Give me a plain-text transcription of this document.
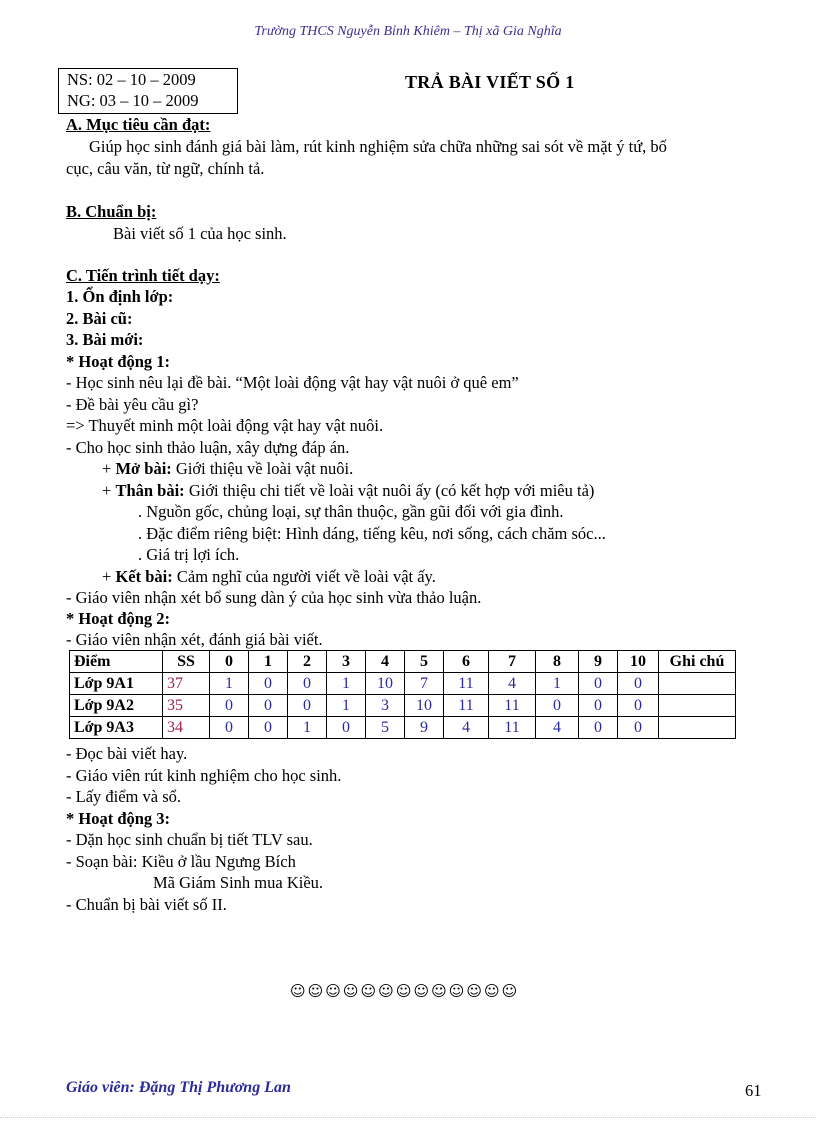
Trường THCS Nguyễn Bỉnh Khiêm – Thị xã Gia Nghĩa
NS: 02 – 10 – 2009
NG: 03 – 10 – 2009
TRẢ BÀI VIẾT SỐ 1
A. Mục tiêu cần đạt:
Giúp học sinh đánh giá bài làm, rút kinh nghiệm sửa chữa những sai sót về mặt ý tứ, bố
cục, câu văn, từ ngữ, chính tả.
B. Chuẩn bị:
Bài viết số 1 của học sinh.
C. Tiến trình tiết dạy:
1. Ổn định lớp:
2. Bài cũ:
3. Bài mới:
* Hoạt động 1:
- Học sinh nêu lại đề bài. “Một loài động vật hay vật nuôi ở quê em”
- Đề bài yêu cầu gì?
=> Thuyết minh một loài động vật hay vật nuôi.
- Cho học sinh thảo luận, xây dựng đáp án.
+ Mở bài: Giới thiệu về loài vật nuôi.
+ Thân bài: Giới thiệu chi tiết về loài vật nuôi ấy (có kết hợp với miêu tả)
. Nguồn gốc, chủng loại, sự thân thuộc, gần gũi đối với gia đình.
. Đặc điểm riêng biệt: Hình dáng, tiếng kêu, nơi sống, cách chăm sóc...
. Giá trị lợi ích.
+ Kết bài: Cảm nghĩ của người viết về loài vật ấy.
- Giáo viên nhận xét bổ sung dàn ý của học sinh vừa thảo luận.
* Hoạt động 2:
- Giáo viên nhận xét, đánh giá bài viết.
Điểm	SS	0	1	2	3	4	5	6	7	8	9	10	Ghi chú
Lớp 9A1	37	1	0	0	1	10	7	11	4	1	0	0	
Lớp 9A2	35	0	0	0	1	3	10	11	11	0	0	0	
Lớp 9A3	34	0	0	1	0	5	9	4	11	4	0	0	
- Đọc bài viết hay.
- Giáo viên rút kinh nghiệm cho học sinh.
- Lấy điểm và sổ.
* Hoạt động 3:
- Dặn học sinh chuẩn bị tiết TLV sau.
- Soạn bài: Kiều ở lầu Ngưng Bích
Mã Giám Sinh mua Kiều.
- Chuẩn bị bài viết số II.
☺☺☺☺☺☺☺☺☺☺☺☺☺
Giáo viên: Đặng Thị Phương Lan	61
